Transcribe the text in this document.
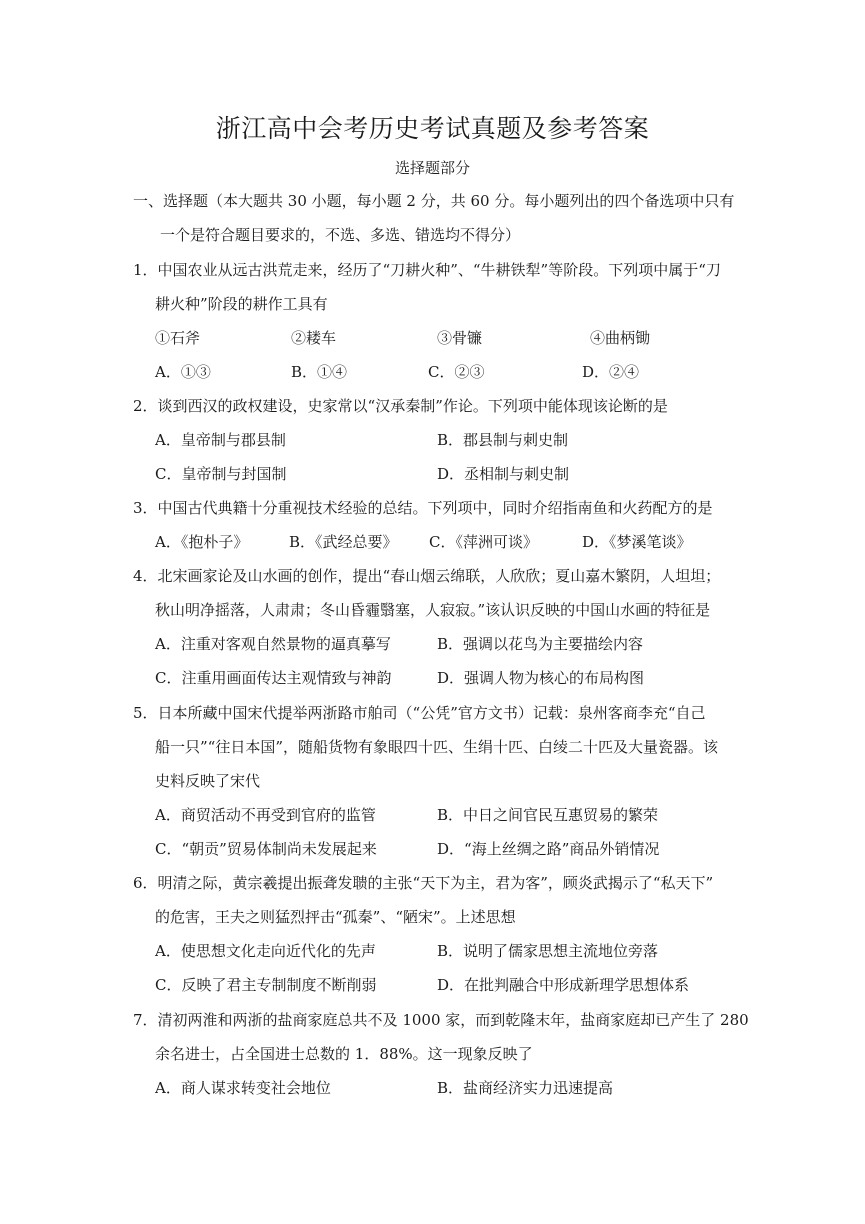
浙江高中会考历史考试真题及参考答案
选择题部分
一、选择题（本大题共 30 小题，每小题 2 分，共 60 分。每小题列出的四个备选项中只有
一个是符合题目要求的，不选、多选、错选均不得分）
1．中国农业从远古洪荒走来，经历了“刀耕火种”、“牛耕铁犁”等阶段。下列项中属于“刀
耕火种”阶段的耕作工具有
①石斧	②耧车	③骨镰	④曲柄锄
A．①③	B．①④	C．②③	D．②④
2．谈到西汉的政权建设，史家常以“汉承秦制”作论。下列项中能体现该论断的是
A．皇帝制与郡县制	B．郡县制与刺史制
C．皇帝制与封国制	D．丞相制与刺史制
3．中国古代典籍十分重视技术经验的总结。下列项中，同时介绍指南鱼和火药配方的是
A．《抱朴子》	B．《武经总要》 C．《萍洲可谈》	D．《梦溪笔谈》
4．北宋画家论及山水画的创作，提出“春山烟云绵联，人欣欣；夏山嘉木繁阴，人坦坦；
秋山明净摇落，人肃肃；冬山昏霾翳塞，人寂寂。”该认识反映的中国山水画的特征是
A．注重对客观自然景物的逼真摹写	B．强调以花鸟为主要描绘内容
C．注重用画面传达主观情致与神韵	D．强调人物为核心的布局构图
5．日本所藏中国宋代提举两浙路市舶司（“公凭”官方文书）记载：泉州客商李充“自己
船一只”“往日本国”，随船货物有象眼四十匹、生绢十匹、白绫二十匹及大量瓷器。该
史料反映了宋代
A．商贸活动不再受到官府的监管	B．中日之间官民互惠贸易的繁荣
C．“朝贡”贸易体制尚未发展起来	D．“海上丝绸之路”商品外销情况
6．明清之际，黄宗羲提出振聋发聩的主张“天下为主，君为客”，顾炎武揭示了“私天下”
的危害，王夫之则猛烈抨击“孤秦”、“陋宋”。上述思想
A．使思想文化走向近代化的先声	B．说明了儒家思想主流地位旁落
C．反映了君主专制制度不断削弱	D．在批判融合中形成新理学思想体系
7．清初两淮和两浙的盐商家庭总共不及 1000 家，而到乾隆末年，盐商家庭却已产生了 280
余名进士，占全国进士总数的 1．88%。这一现象反映了
A．商人谋求转变社会地位	B．盐商经济实力迅速提高
